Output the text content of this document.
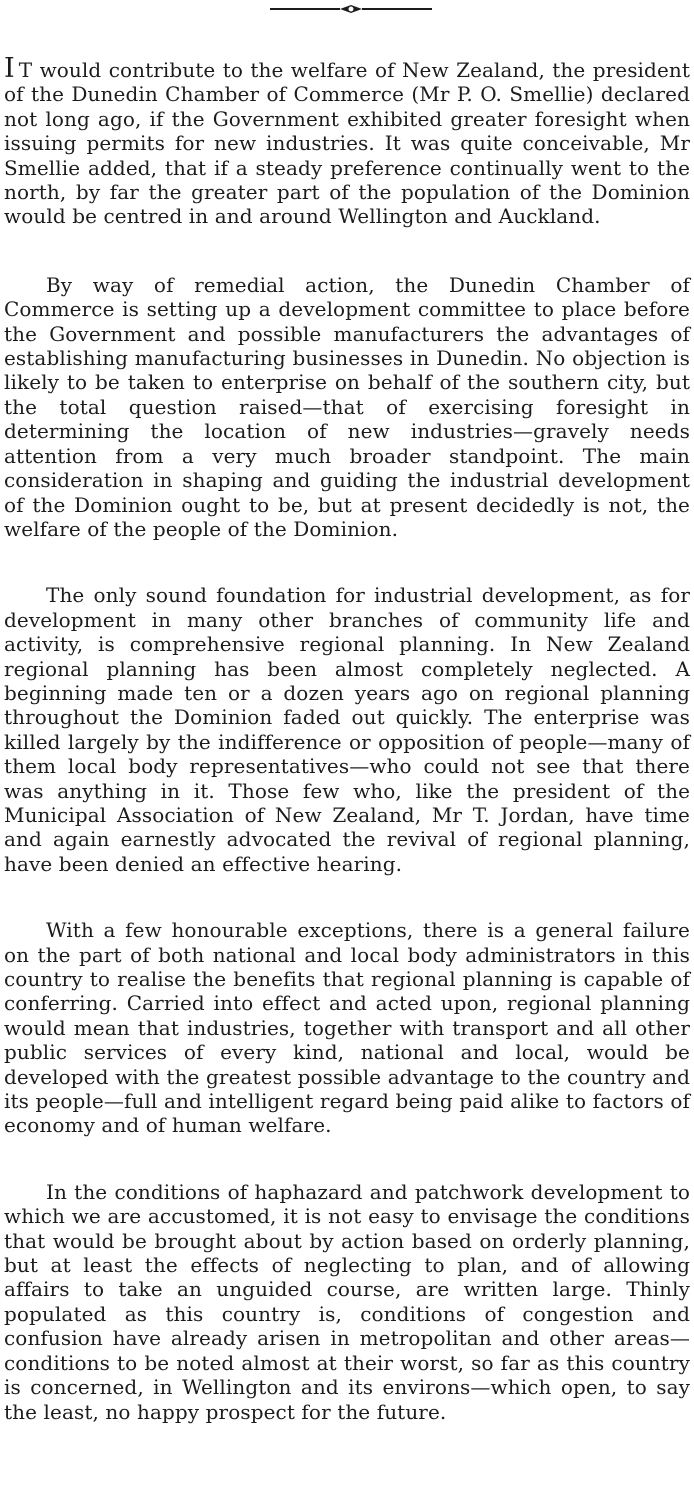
I T would contribute to the welfare of New Zealand, the president of the Dunedin Chamber of Commerce (Mr P. O. Smellie) declared not long ago, if the Government exhibited greater foresight when issuing permits for new industries. It was quite conceivable, Mr Smellie added, that if a steady preference continually went to the north, by far the greater part of the population of the Dominion would be centred in and around Wellington and Auckland.

By way of remedial action, the Dunedin Chamber of Commerce is setting up a development committee to place before the Government and possible manufacturers the advantages of establishing manufacturing businesses in Dunedin. No objection is likely to be taken to enterprise on behalf of the southern city, but the total question raised—that of exercising foresight in determining the location of new industries—gravely needs attention from a very much broader standpoint. The main consideration in shaping and guiding the industrial development of the Dominion ought to be, but at present decidedly is not, the welfare of the people of the Dominion.

The only sound foundation for industrial development, as for development in many other branches of community life and activity, is comprehensive regional planning. In New Zealand regional planning has been almost completely neglected. A beginning made ten or a dozen years ago on regional planning throughout the Dominion faded out quickly. The enterprise was killed largely by the indifference or opposition of people—many of them local body representatives—who could not see that there was anything in it. Those few who, like the president of the Municipal Association of New Zealand, Mr T. Jordan, have time and again earnestly advocated the revival of regional planning, have been denied an effective hearing.

With a few honourable exceptions, there is a general failure on the part of both national and local body administrators in this country to realise the benefits that regional planning is capable of conferring. Carried into effect and acted upon, regional planning would mean that industries, together with transport and all other public services of every kind, national and local, would be developed with the greatest possible advantage to the country and its people—full and intelligent regard being paid alike to factors of economy and of human welfare.

In the conditions of haphazard and patchwork development to which we are accustomed, it is not easy to envisage the conditions that would be brought about by action based on orderly planning, but at least the effects of neglecting to plan, and of allowing affairs to take an unguided course, are written large. Thinly populated as this country is, conditions of congestion and confusion have already arisen in metropolitan and other areas—conditions to be noted almost at their worst, so far as this country is concerned, in Wellington and its environs—which open, to say the least, no happy prospect for the future.
